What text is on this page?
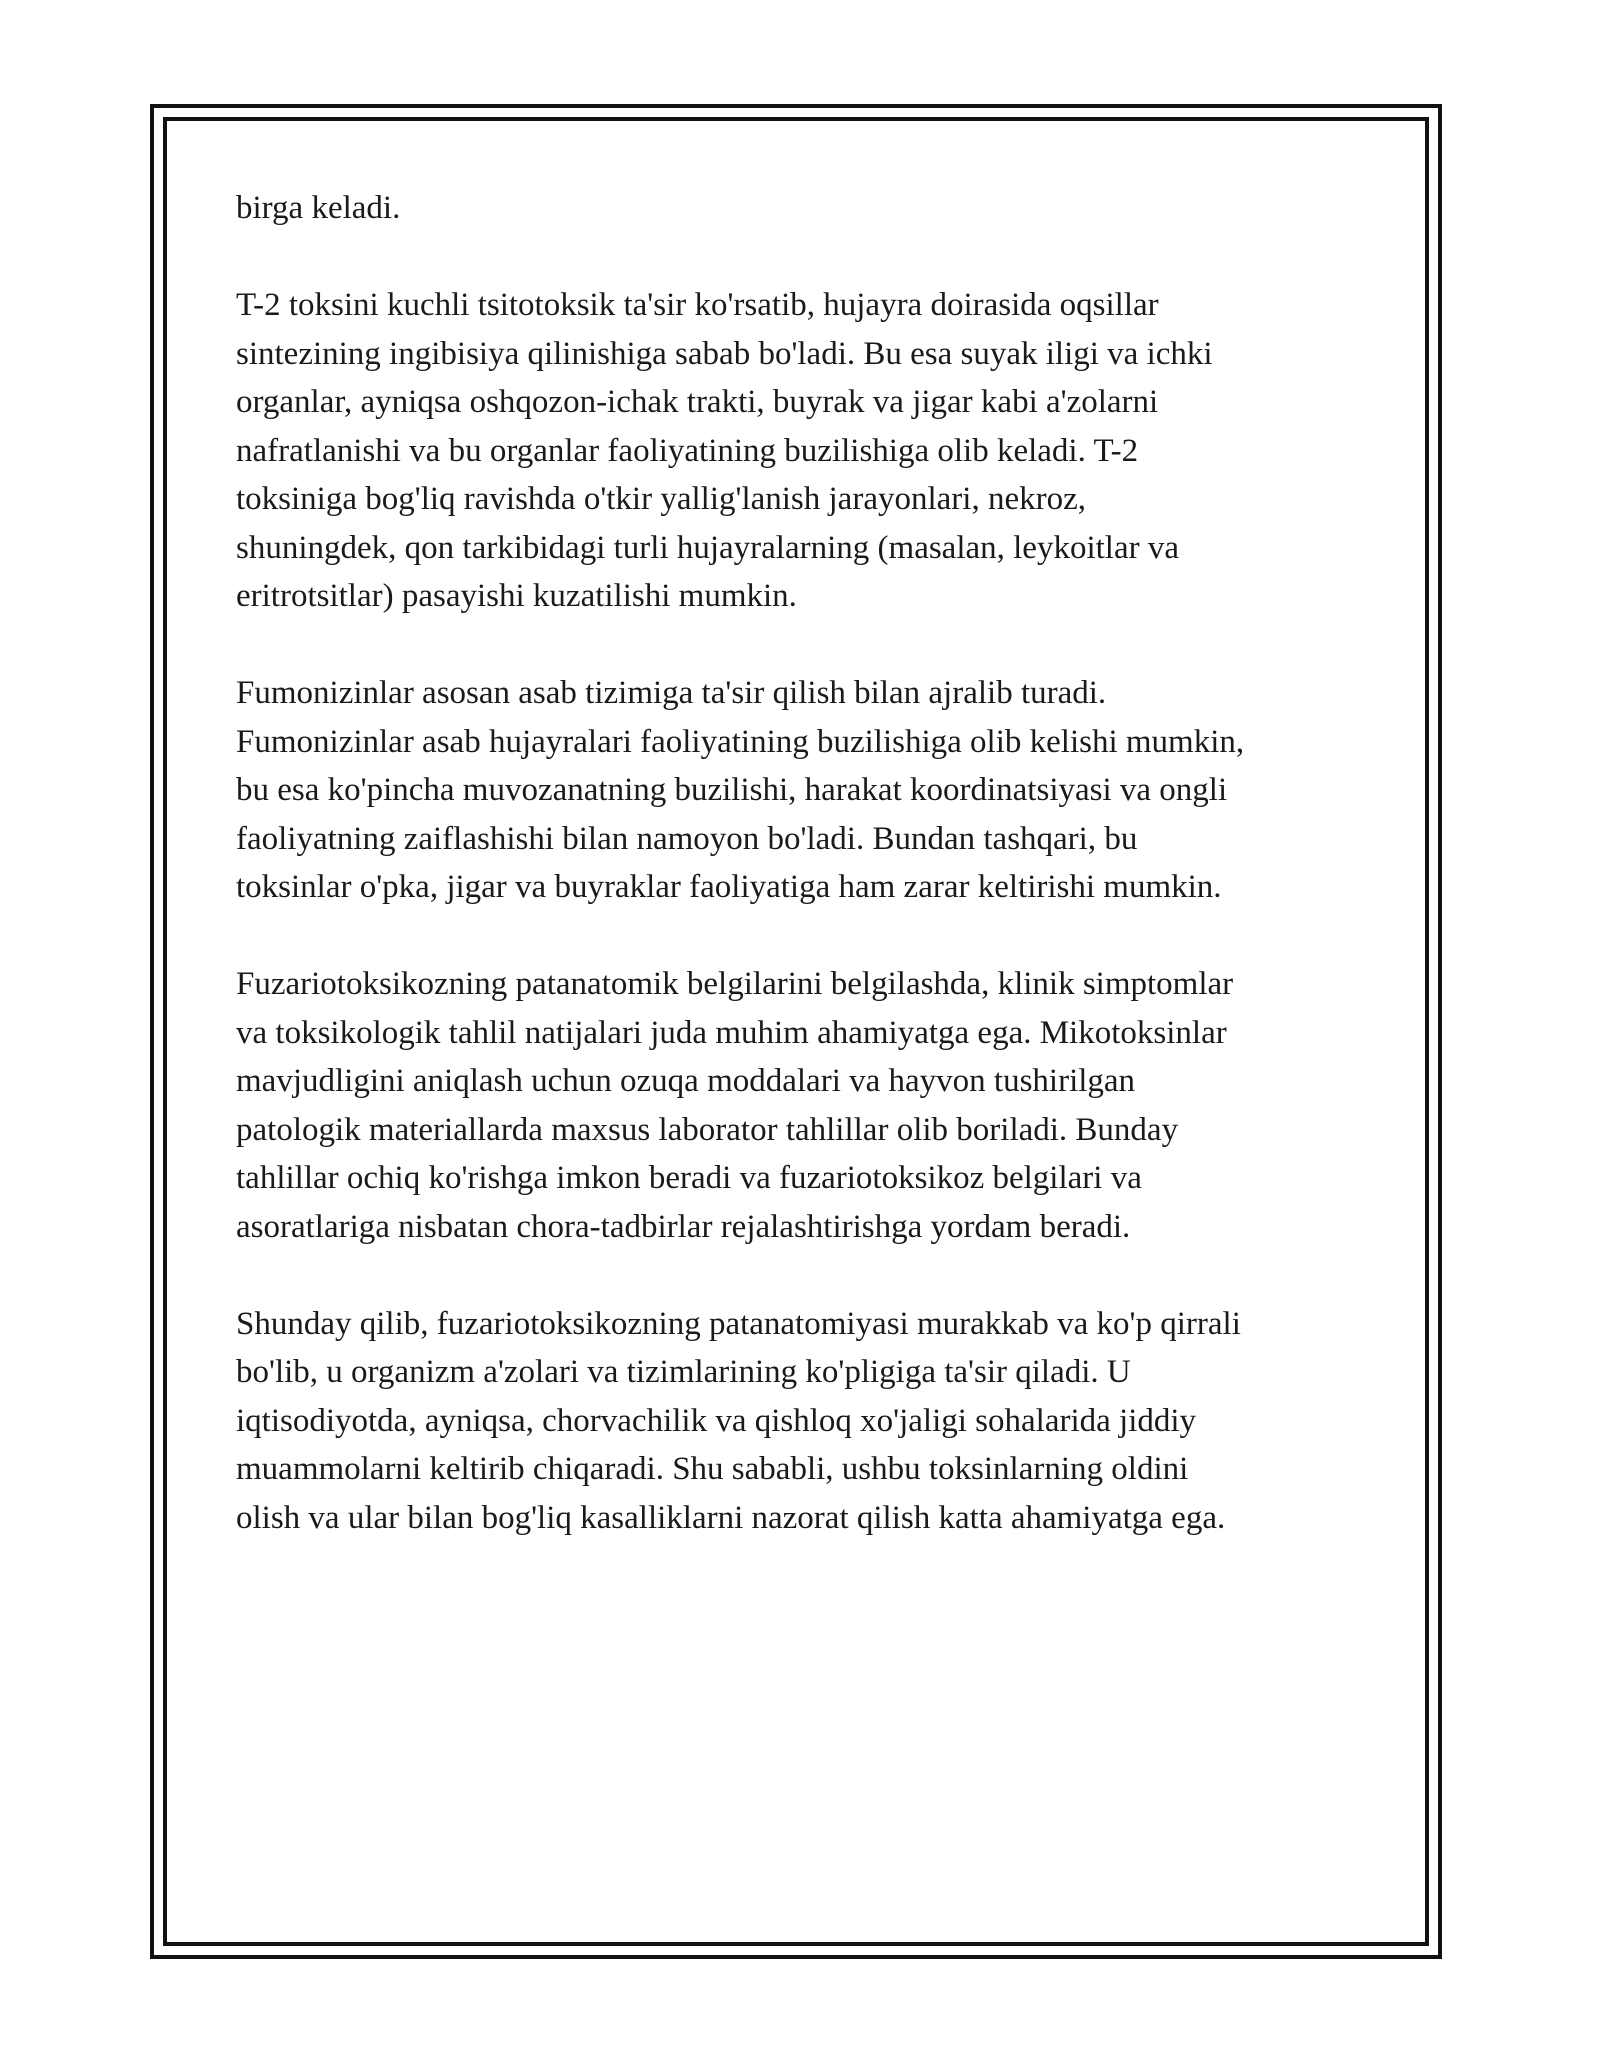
birga keladi.

T-2 toksini kuchli tsitotoksik ta'sir ko'rsatib, hujayra doirasida oqsillar
sintezining ingibisiya qilinishiga sabab bo'ladi. Bu esa suyak iligi va ichki
organlar, ayniqsa oshqozon-ichak trakti, buyrak va jigar kabi a'zolarni
nafratlanishi va bu organlar faoliyatining buzilishiga olib keladi. T-2
toksiniga bog'liq ravishda o'tkir yallig'lanish jarayonlari, nekroz,
shuningdek, qon tarkibidagi turli hujayralarning (masalan, leykoitlar va
eritrotsitlar) pasayishi kuzatilishi mumkin.

Fumonizinlar asosan asab tizimiga ta'sir qilish bilan ajralib turadi.
Fumonizinlar asab hujayralari faoliyatining buzilishiga olib kelishi mumkin,
bu esa ko'pincha muvozanatning buzilishi, harakat koordinatsiyasi va ongli
faoliyatning zaiflashishi bilan namoyon bo'ladi. Bundan tashqari, bu
toksinlar o'pka, jigar va buyraklar faoliyatiga ham zarar keltirishi mumkin.

Fuzariotoksikozning patanatomik belgilarini belgilashda, klinik simptomlar
va toksikologik tahlil natijalari juda muhim ahamiyatga ega. Mikotoksinlar
mavjudligini aniqlash uchun ozuqa moddalari va hayvon tushirilgan
patologik materiallarda maxsus laborator tahlillar olib boriladi. Bunday
tahlillar ochiq ko'rishga imkon beradi va fuzariotoksikoz belgilari va
asoratlariga nisbatan chora-tadbirlar rejalashtirishga yordam beradi.

Shunday qilib, fuzariotoksikozning patanatomiyasi murakkab va ko'p qirrali
bo'lib, u organizm a'zolari va tizimlarining ko'pligiga ta'sir qiladi. U
iqtisodiyotda, ayniqsa, chorvachilik va qishloq xo'jaligi sohalarida jiddiy
muammolarni keltirib chiqaradi. Shu sababli, ushbu toksinlarning oldini
olish va ular bilan bog'liq kasalliklarni nazorat qilish katta ahamiyatga ega.
